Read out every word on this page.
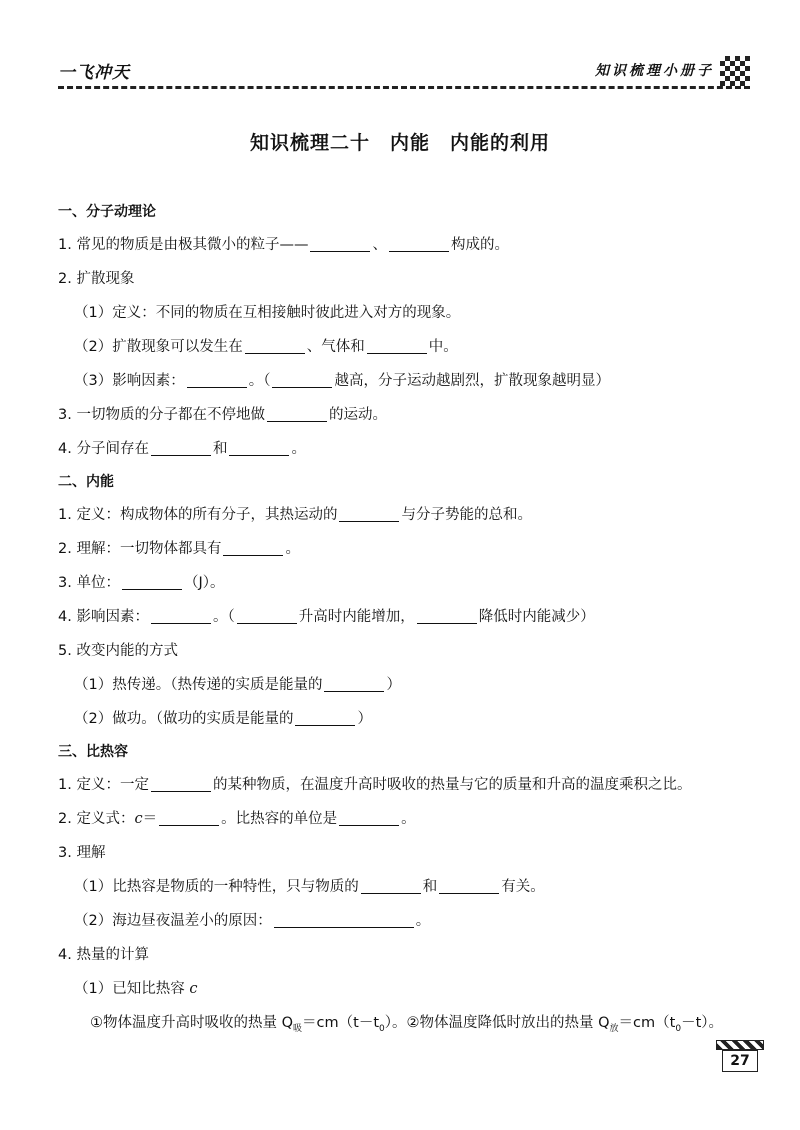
一飞冲天	知识梳理小册子
知识梳理二十　内能　内能的利用
一、分子动理论
1. 常见的物质是由极其微小的粒子——	、	构成的。
2. 扩散现象
（1）定义：不同的物质在互相接触时彼此进入对方的现象。
（2）扩散现象可以发生在	、气体和	中。
（3）影响因素：	。（	越高，分子运动越剧烈，扩散现象越明显）
3. 一切物质的分子都在不停地做	的运动。
4. 分子间存在	和	。
二、内能
1. 定义：构成物体的所有分子，其热运动的	与分子势能的总和。
2. 理解：一切物体都具有	。
3. 单位：	（J）。
4. 影响因素：	。（	升高时内能增加，	降低时内能减少）
5. 改变内能的方式
（1）热传递。（热传递的实质是能量的	）
（2）做功。（做功的实质是能量的	）
三、比热容
1. 定义：一定	的某种物质，在温度升高时吸收的热量与它的质量和升高的温度乘积之比。
2. 定义式：c＝	。比热容的单位是	。
3. 理解
（1）比热容是物质的一种特性，只与物质的	和	有关。
（2）海边昼夜温差小的原因：	。
4. 热量的计算
（1）已知比热容 c
①物体温度升高时吸收的热量 $Q_吸=cm(t-t_0)$。②物体温度降低时放出的热量 $Q_放=cm(t_0-t)$。
27
